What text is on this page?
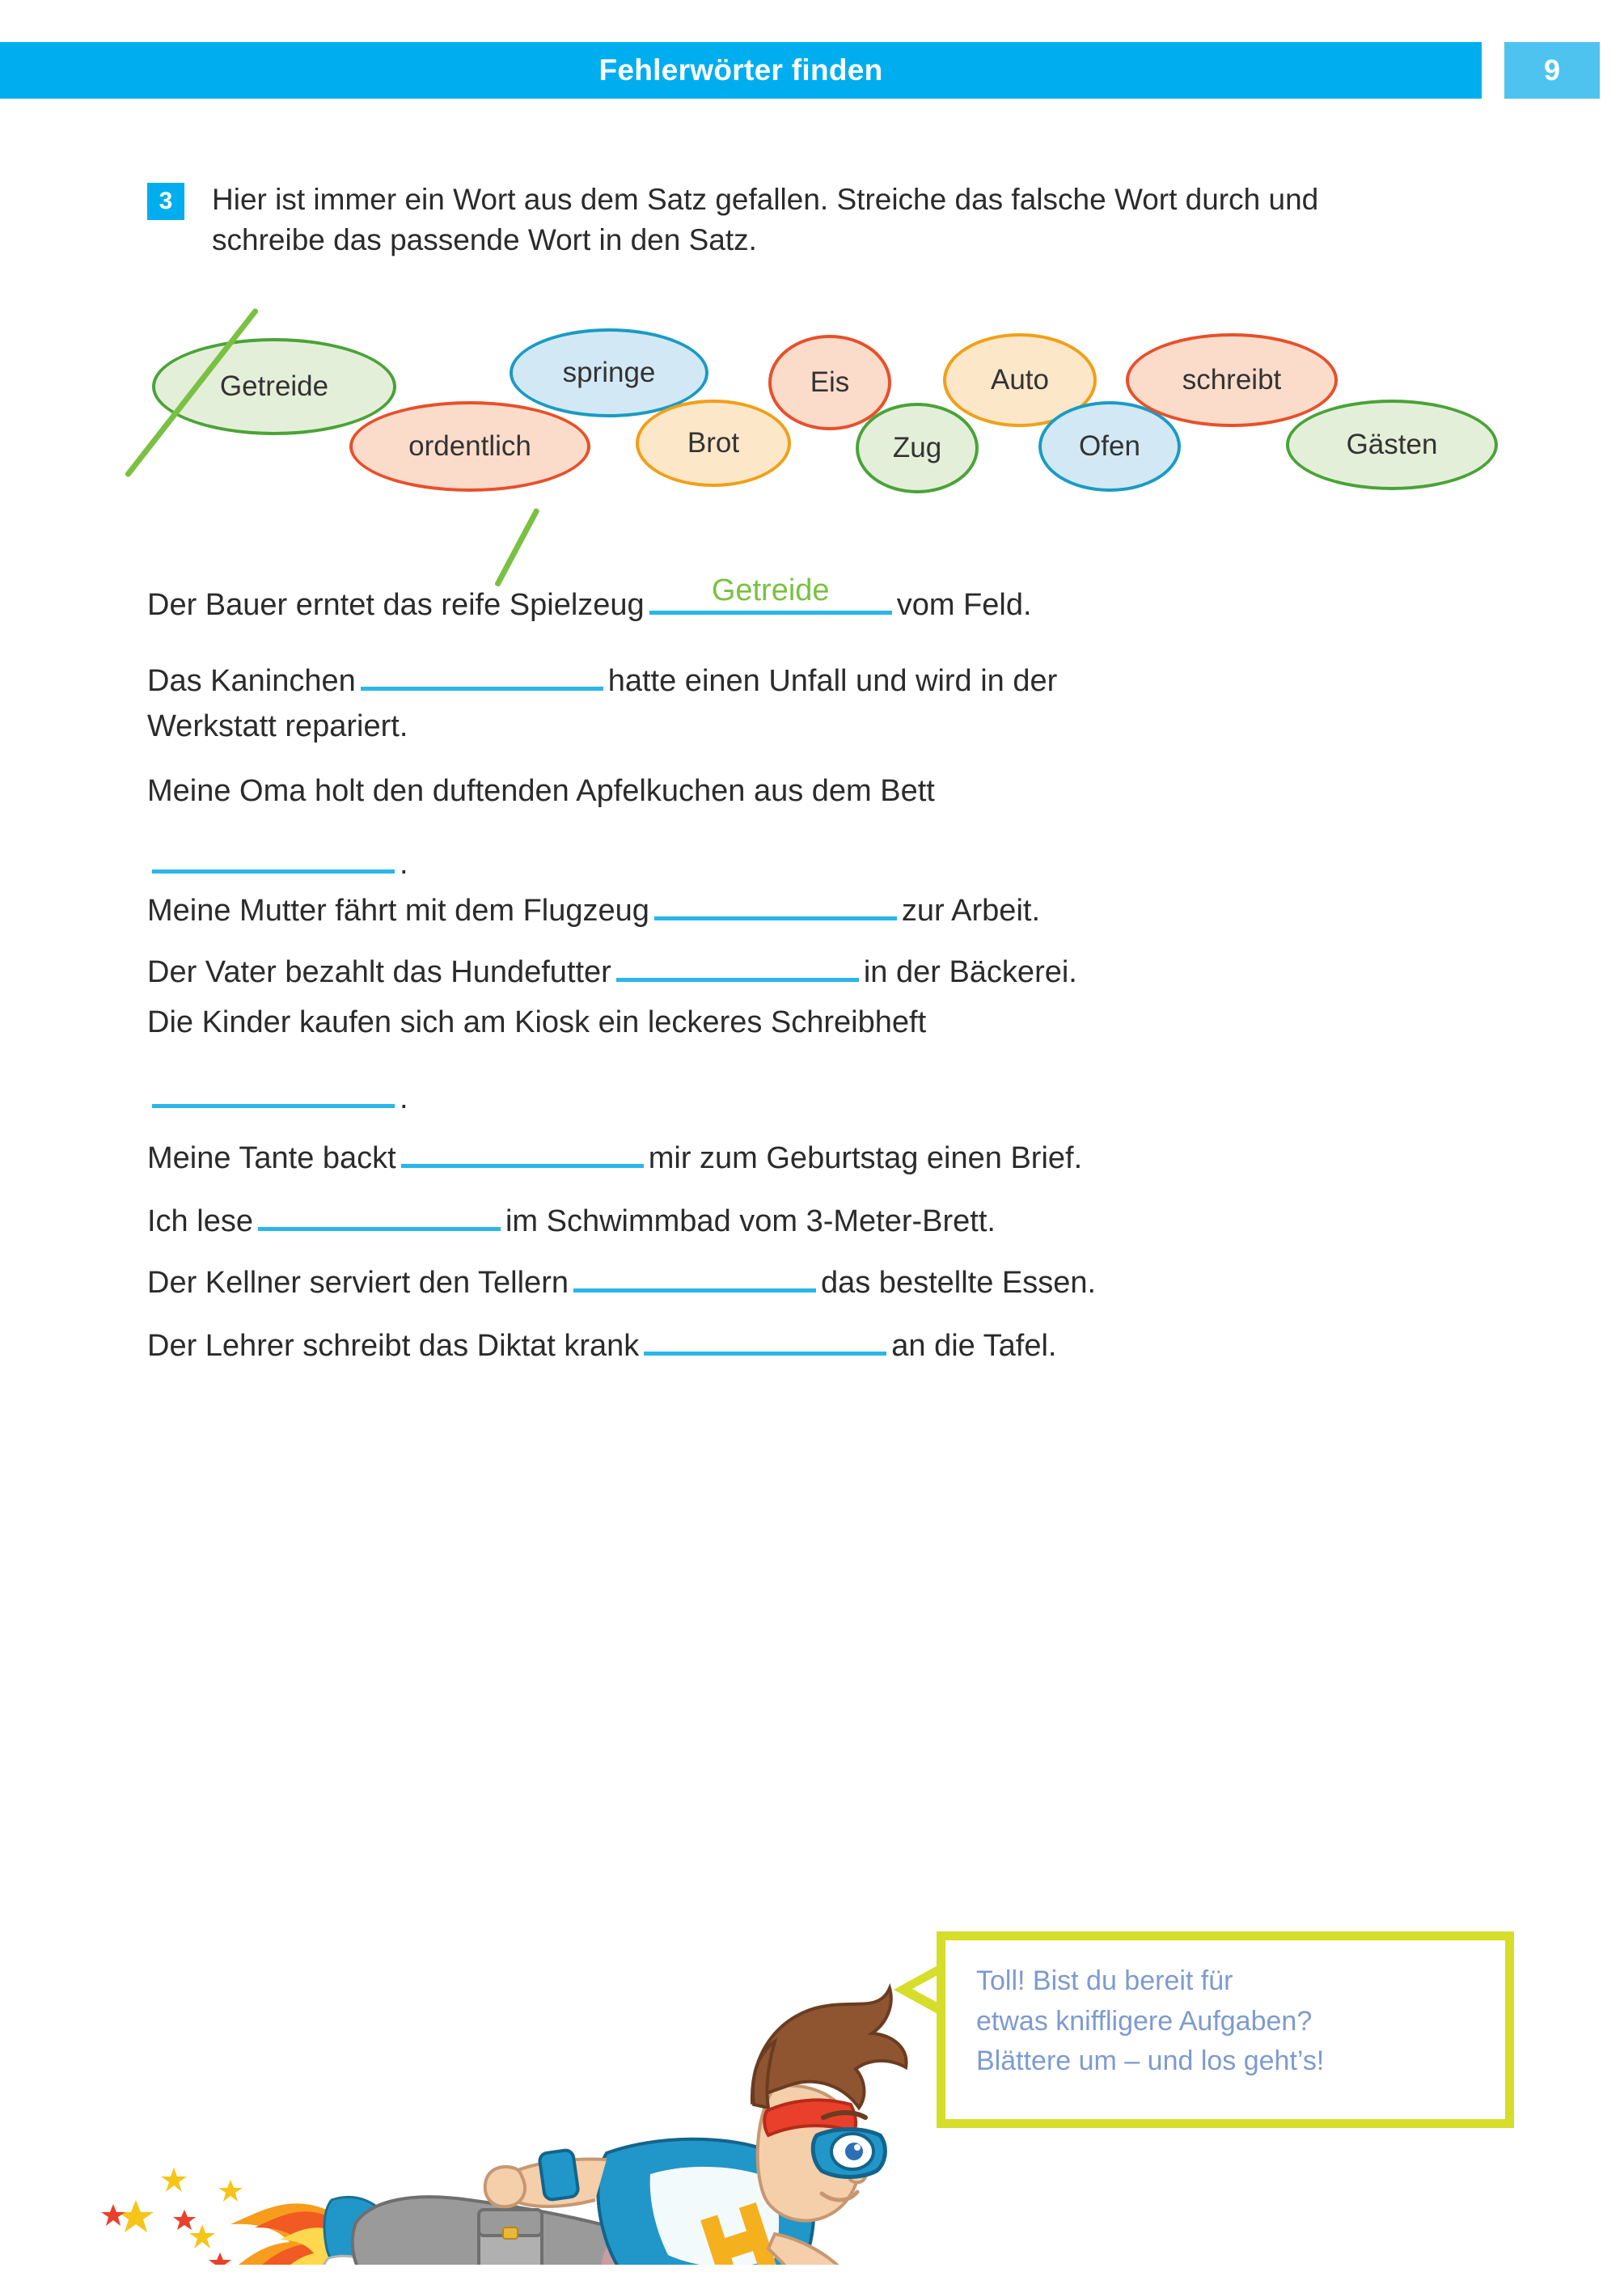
Fehlerwörter finden	9
3	Hier ist immer ein Wort aus dem Satz gefallen. Streiche das falsche Wort durch und schreibe das passende Wort in den Satz.
Getreide
ordentlich
springe
Brot
Eis
Zug
Auto
Ofen
schreibt
Gästen
Der Bauer erntet das reife Spielzeug	Getreide	vom Feld.
Das Kaninchen	hatte einen Unfall und wird in der
Werkstatt repariert.
Meine Oma holt den duftenden Apfelkuchen aus dem Bett
.
Meine Mutter fährt mit dem Flugzeug	zur Arbeit.
Der Vater bezahlt das Hundefutter	in der Bäckerei.
Die Kinder kaufen sich am Kiosk ein leckeres Schreibheft
.
Meine Tante backt	mir zum Geburtstag einen Brief.
Ich lese	im Schwimmbad vom 3-Meter-Brett.
Der Kellner serviert den Tellern	das bestellte Essen.
Der Lehrer schreibt das Diktat krank	an die Tafel.
Toll! Bist du bereit für
etwas kniffligere Aufgaben?
Blättere um – und los geht’s!
